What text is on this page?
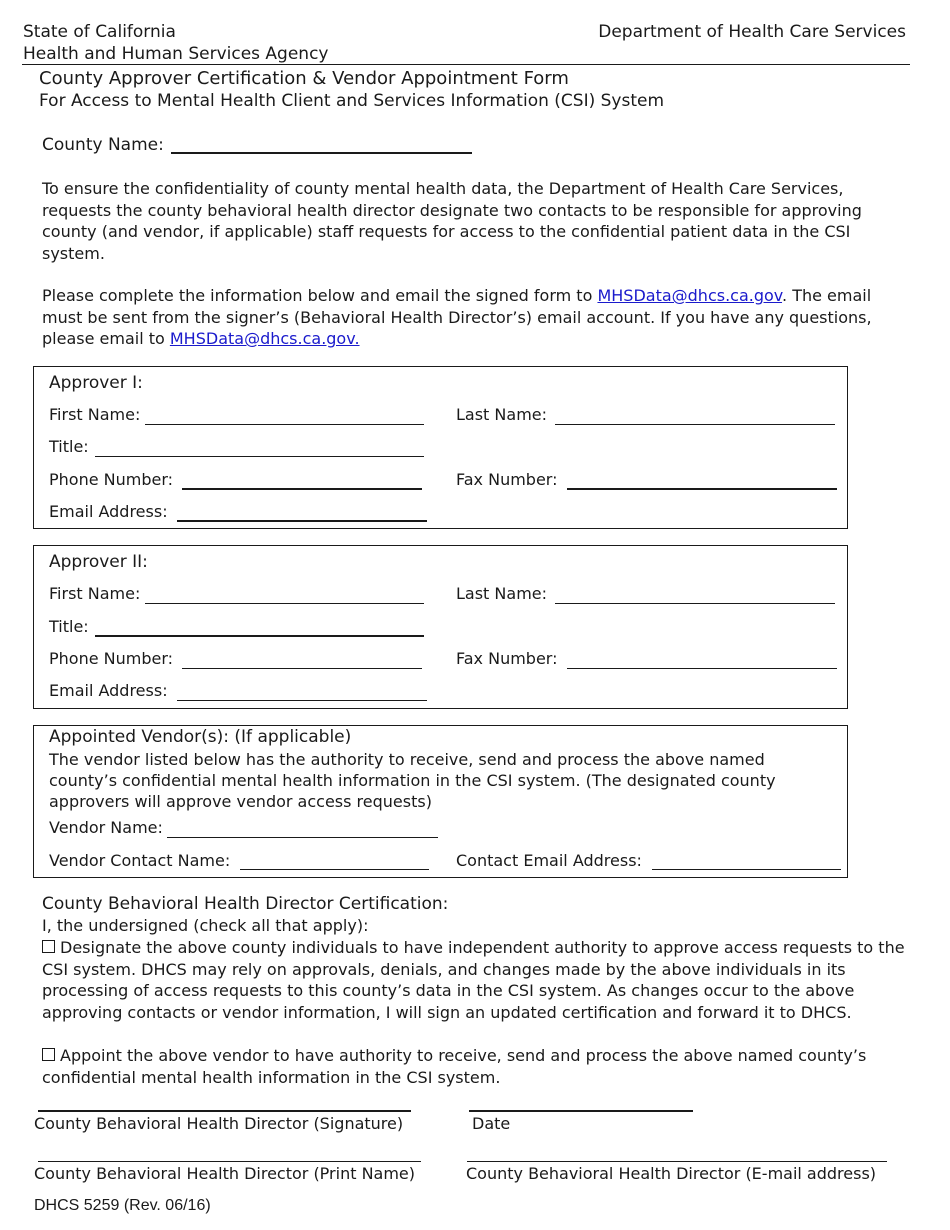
State of California
Health and Human Services Agency
Department of Health Care Services
County Approver Certification & Vendor Appointment Form
For Access to Mental Health Client and Services Information (CSI) System
County Name:
To ensure the confidentiality of county mental health data, the Department of Health Care Services, requests the county behavioral health director designate two contacts to be responsible for approving county (and vendor, if applicable) staff requests for access to the confidential patient data in the CSI system.
Please complete the information below and email the signed form to MHSData@dhcs.ca.gov. The email must be sent from the signer’s (Behavioral Health Director’s) email account. If you have any questions, please email to MHSData@dhcs.ca.gov.
Approver I:
First Name:	Last Name:
Title:
Phone Number:	Fax Number:
Email Address:
Approver II:
First Name:	Last Name:
Title:
Phone Number:	Fax Number:
Email Address:
Appointed Vendor(s): (If applicable)
The vendor listed below has the authority to receive, send and process the above named county’s confidential mental health information in the CSI system. (The designated county approvers will approve vendor access requests)
Vendor Name:
Vendor Contact Name:	Contact Email Address:
County Behavioral Health Director Certification:
I, the undersigned (check all that apply):
Designate the above county individuals to have independent authority to approve access requests to the CSI system. DHCS may rely on approvals, denials, and changes made by the above individuals in its processing of access requests to this county’s data in the CSI system. As changes occur to the above approving contacts or vendor information, I will sign an updated certification and forward it to DHCS.
Appoint the above vendor to have authority to receive, send and process the above named county’s confidential mental health information in the CSI system.
County Behavioral Health Director (Signature)	Date
County Behavioral Health Director (Print Name)	County Behavioral Health Director (E-mail address)
DHCS 5259 (Rev. 06/16)
